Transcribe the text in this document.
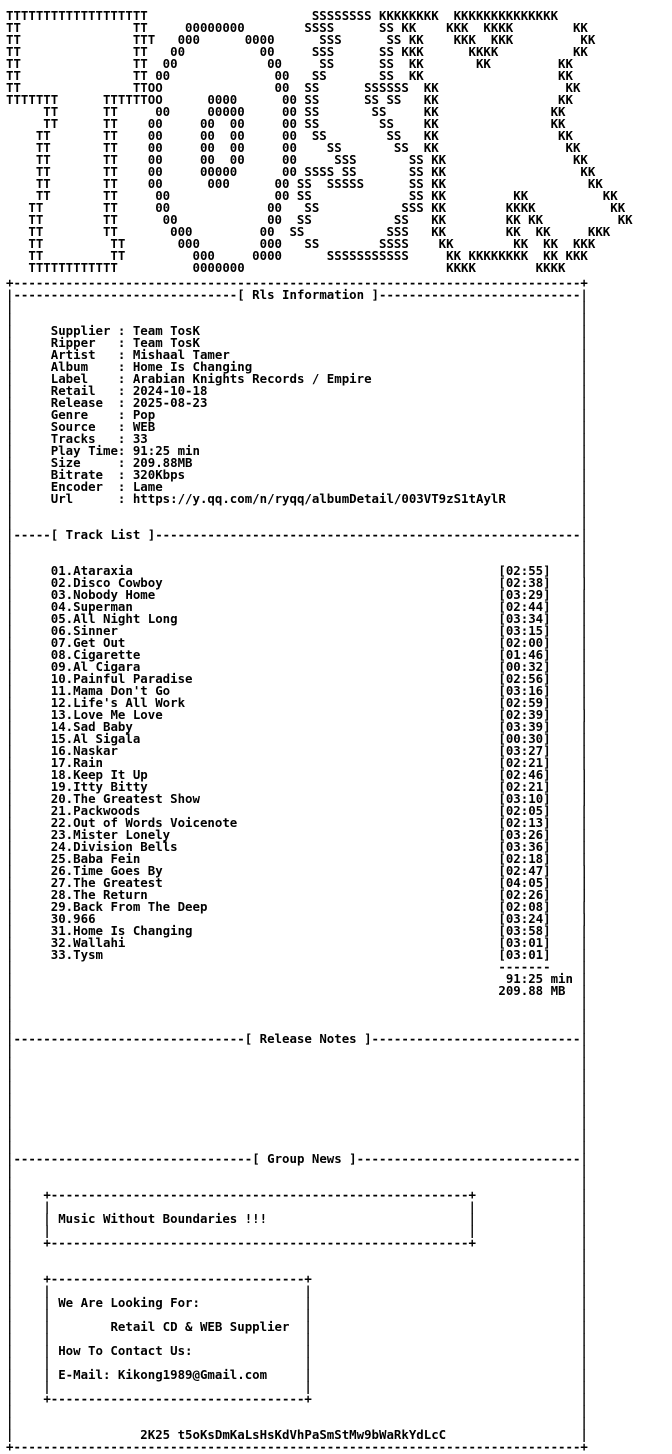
TTTTTTTTTTTTTTTTTTT                      SSSSSSSS KKKKKKKK  KKKKKKKKKKKKKK
TT               TT     00000000        SSSS      SS KK    KKK  KKKK        KK
TT               TTT   000      0000      SSS      SS KK    KKK  KKK         KK
TT               TT   00          00     SSS      SS KKK      KKKK          KK
TT               TT  00            00     SS      SS  KK       KK         KK
TT               TT 00              00   SS       SS  KK                  KK
TT               TTOO               00  SS      SSSSSS  KK                 KK
TTTTTTT      TTTTTTOO      0000      00 SS      SS SS   KK                KK
TT      TT     00     00000     00 SS       SS     KK               KK
TT      TT    00     00  00     00 SS        SS    KK               KK
TT       TT    00     00  00     00  SS        SS   KK                KK
TT       TT    00     00  00     00    SS       SS  KK                 KK
TT       TT    00     00  00     00     SSS       SS KK                 KK
TT       TT    00     00000      00 SSSS SS       SS KK                  KK
TT       TT    00      000      00 SS  SSSSS      SS KK                   KK
TT       TT     00              00 SS             SS KK         KK          KK
TT        TT     00             00   SS           SSS KK        KKKK          KK
TT        TT      00            00  SS           SS   KK        KK KK          KK
TT        TT       000         00  SS           SSS   KK        KK  KK     KKK
TT         TT       000        000   SS        SSSS    KK        KK  KK  KKK
TT         TT         000     0000      SSSSSSSSSSS     KK KKKKKKKK  KK KKK
TTTTTTTTTTTT          0000000                           KKKK        KKKK
+----------------------------------------------------------------------------+
|------------------------------[ Rls Information ]---------------------------|
|                                                                            |
|                                                                            |
|     Supplier : Team TosK                                                   |
|     Ripper   : Team TosK                                                   |
|     Artist   : Mishaal Tamer                                               |
|     Album    : Home Is Changing                                            |
|     Label    : Arabian Knights Records / Empire                            |
|     Retail   : 2024-10-18                                                  |
|     Release  : 2025-08-23                                                  |
|     Genre    : Pop                                                         |
|     Source   : WEB                                                         |
|     Tracks   : 33                                                          |
|     Play Time: 91:25 min                                                   |
|     Size     : 209.88MB                                                    |
|     Bitrate  : 320Kbps                                                     |
|     Encoder  : Lame                                                        |
|     Url      : https://y.qq.com/n/ryqq/albumDetail/003VT9zS1tAylR          |
|                                                                            |
|                                                                            |
|-----[ Track List ]---------------------------------------------------------|
|                                                                            |
|                                                                            |
|     01.Ataraxia	[02:55]    |
|     02.Disco Cowboy	[02:38]    |
|     03.Nobody Home	[03:29]    |
|     04.Superman	[02:44]    |
|     05.All Night Long	[03:34]    |
|     06.Sinner	[03:15]    |
|     07.Get Out	[02:00]    |
|     08.Cigarette	[01:46]    |
|     09.Al Cigara	[00:32]    |
|     10.Painful Paradise	[02:56]    |
|     11.Mama Don't Go	[03:16]    |
|     12.Life's All Work	[02:59]    |
|     13.Love Me Love	[02:39]    |
|     14.Sad Baby	[03:39]    |
|     15.Al Sigala	[00:30]    |
|     16.Naskar	[03:27]    |
|     17.Rain	[02:21]    |
|     18.Keep It Up	[02:46]    |
|     19.Itty Bitty	[02:21]    |
|     20.The Greatest Show	[03:10]    |
|     21.Packwoods	[02:05]    |
|     22.Out of Words Voicenote	[02:13]    |
|     23.Mister Lonely	[03:26]    |
|     24.Division Bells	[03:36]    |
|     25.Baba Fein	[02:18]    |
|     26.Time Goes By	[02:47]    |
|     27.The Greatest	[04:05]    |
|     28.The Return	[02:26]    |
|     29.Back From The Deep	[02:08]    |
|     30.966	[03:24]    |
|     31.Home Is Changing	[03:58]    |
|     32.Wallahi	[03:01]    |
|     33.Tysm	[03:01]    |
|                                                                 -------    |
|                                                                  91:25 min |
|                                                                 209.88 MB  |
|                                                                            |
|                                                                            |
|                                                                            |
|-------------------------------[ Release Notes ]----------------------------|
|                                                                            |
|                                                                            |
|                                                                            |
|                                                                            |
|                                                                            |
|                                                                            |
|                                                                            |
|                                                                            |
|                                                                            |
|--------------------------------[ Group News ]------------------------------|
|                                                                            |
|                                                                            |
|    +--------------------------------------------------------+              |
|    |                                                        |              |
|    | Music Without Boundaries !!!                           |              |
|    |                                                        |              |
|    +--------------------------------------------------------+              |
|                                                                            |
|                                                                            |
|    +----------------------------------+                                    |
|    |                                  |                                    |
|    | We Are Looking For:              |                                    |
|    |                                  |                                    |
|    |        Retail CD & WEB Supplier  |                                    |
|    |                                  |                                    |
|    | How To Contact Us:               |                                    |
|    |                                  |                                    |
|    | E-Mail: Kikong1989@Gmail.com     |                                    |
|    |                                  |                                    |
|    +----------------------------------+                                    |
|                                                                            |
|                                                                            |
|                 2K25 t5oKsDmKaLsHsKdVhPaSmStMw9bWaRkYdLcC                  |
+----------------------------------------------------------------------------+
